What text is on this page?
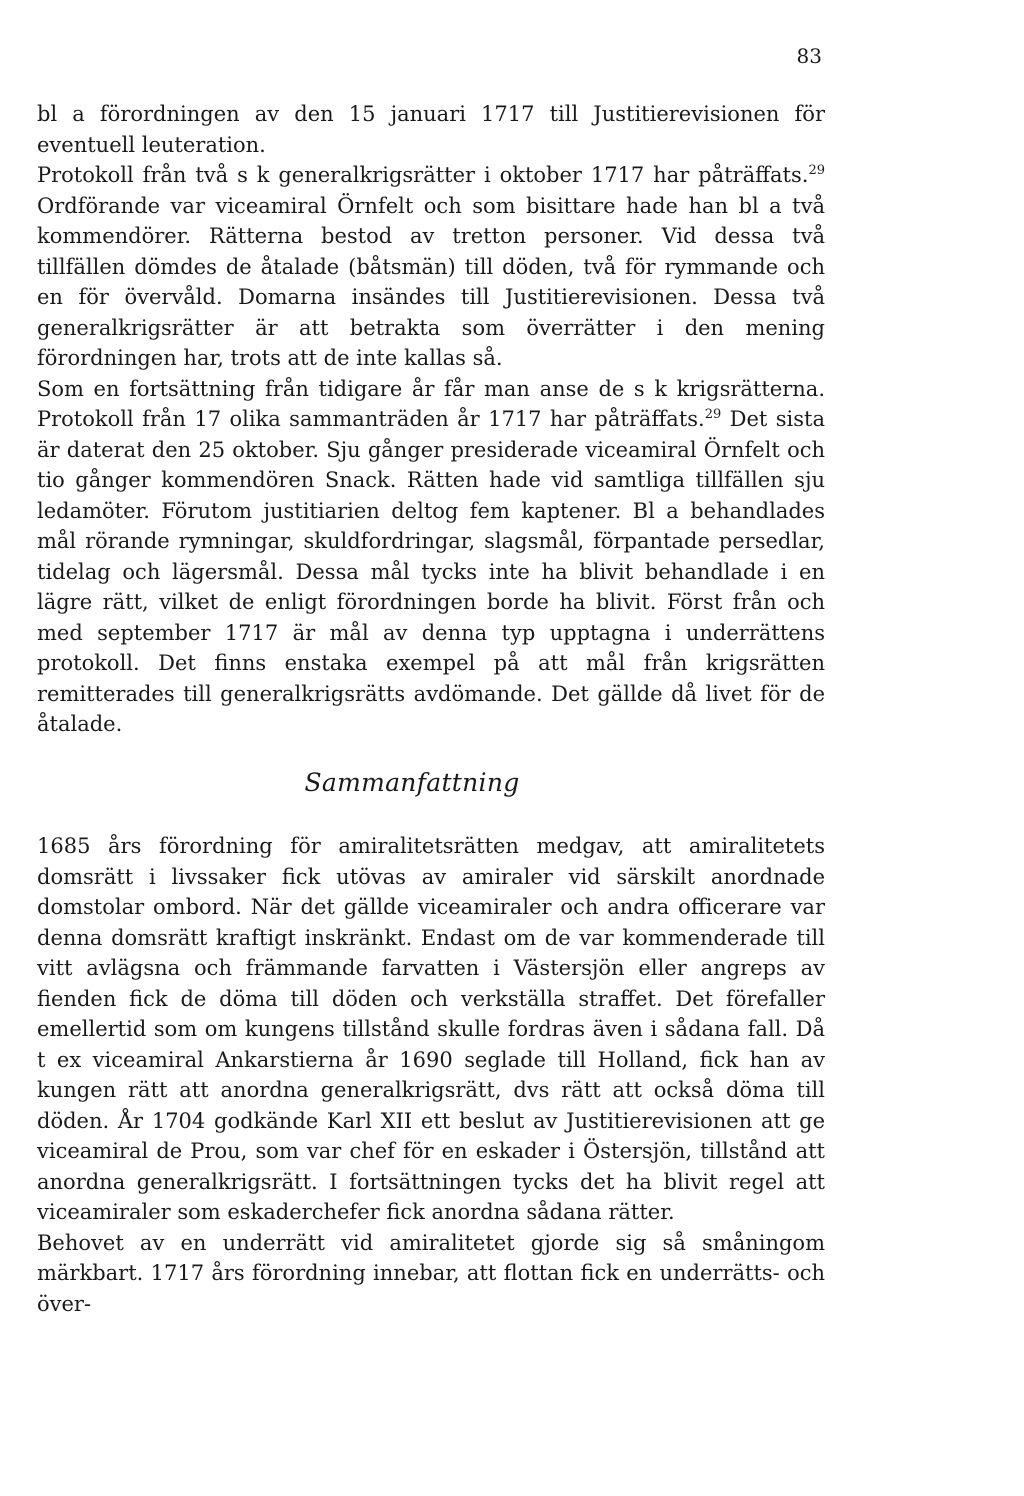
83

bl a förordningen av den 15 januari 1717 till Justitierevisionen för eventuell leuteration.

Protokoll från två s k generalkrigsrätter i oktober 1717 har påträffats.$^{29}$ Ordförande var viceamiral Örnfelt och som bisittare hade han bl a två kommendörer. Rätterna bestod av tretton personer. Vid dessa två tillfällen dömdes de åtalade (båtsmän) till döden, två för rymmande och en för övervåld. Domarna insändes till Justitierevisionen. Dessa två generalkrigsrätter är att betrakta som överrätter i den mening förordningen har, trots att de inte kallas så.

Som en fortsättning från tidigare år får man anse de s k krigsrätterna. Protokoll från 17 olika sammanträden år 1717 har påträffats.$^{29}$ Det sista är daterat den 25 oktober. Sju gånger presiderade viceamiral Örnfelt och tio gånger kommendören Snack. Rätten hade vid samtliga tillfällen sju ledamöter. Förutom justitiarien deltog fem kaptener. Bl a behandlades mål rörande rymningar, skuldfordringar, slagsmål, förpantade persedlar, tidelag och lägersmål. Dessa mål tycks inte ha blivit behandlade i en lägre rätt, vilket de enligt förordningen borde ha blivit. Först från och med september 1717 är mål av denna typ upptagna i underrättens protokoll. Det finns enstaka exempel på att mål från krigsrätten remitterades till generalkrigsrätts avdömande. Det gällde då livet för de åtalade.

Sammanfattning

1685 års förordning för amiralitetsrätten medgav, att amiralitetets domsrätt i livssaker fick utövas av amiraler vid särskilt anordnade domstolar ombord. När det gällde viceamiraler och andra officerare var denna domsrätt kraftigt inskränkt. Endast om de var kommenderade till vitt avlägsna och främmande farvatten i Västersjön eller angreps av fienden fick de döma till döden och verkställa straffet. Det förefaller emellertid som om kungens tillstånd skulle fordras även i sådana fall. Då t ex viceamiral Ankarstierna år 1690 seglade till Holland, fick han av kungen rätt att anordna generalkrigsrätt, dvs rätt att också döma till döden. År 1704 godkände Karl XII ett beslut av Justitierevisionen att ge viceamiral de Prou, som var chef för en eskader i Östersjön, tillstånd att anordna generalkrigsrätt. I fortsättningen tycks det ha blivit regel att viceamiraler som eskaderchefer fick anordna sådana rätter.

Behovet av en underrätt vid amiralitetet gjorde sig så småningom märkbart. 1717 års förordning innebar, att flottan fick en underrätts- och över-
